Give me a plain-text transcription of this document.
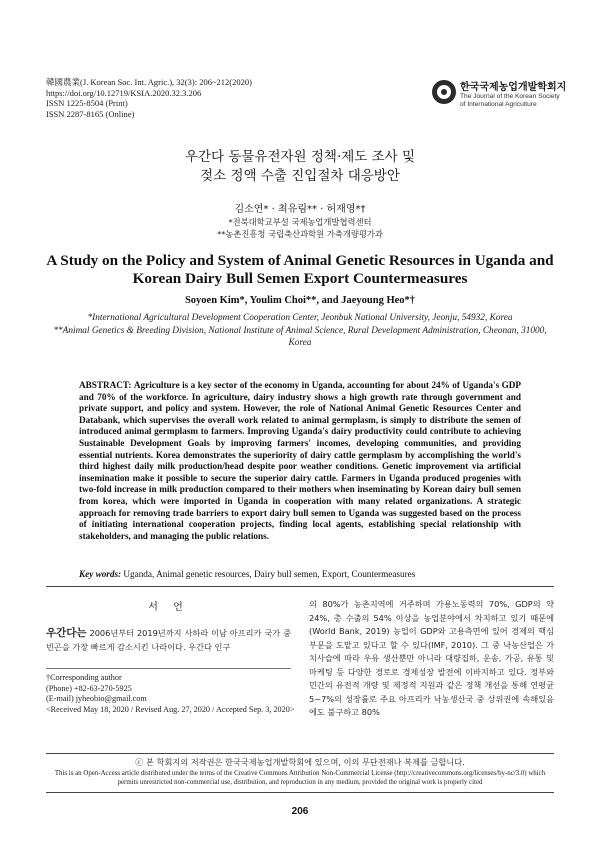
韓國農業(J. Korean Soc. Int. Agric.), 32(3): 206~212(2020)
https://doi.org/10.12719/KSIA.2020.32.3.206
ISSN 1225-8504 (Print)
ISSN 2287-8165 (Online)
한국국제농업개발학회지
The Journal of the Korean Society
of International Agriculture
우간다 동물유전자원 정책·제도 조사 및
젖소 정액 수출 진입절차 대응방안
김소연* · 최유림** · 허재영*†
*전북대학교부설 국제농업개발협력센터
**농촌진흥청 국립축산과학원 가축개량평가과
A Study on the Policy and System of Animal Genetic Resources in Uganda and
Korean Dairy Bull Semen Export Countermeasures
Soyoen Kim*, Youlim Choi**, and Jaeyoung Heo*†
*International Agricultural Development Cooperation Center, Jeonbuk National University, Jeonju, 54932, Korea
**Animal Genetics & Breeding Division, National Institute of Animal Science, Rural Development Administration, Cheonan, 31000, Korea
ABSTRACT: Agriculture is a key sector of the economy in Uganda, accounting for about 24% of Uganda's GDP and 70% of the workforce. In agriculture, dairy industry shows a high growth rate through government and private support, and policy and system. However, the role of National Animal Genetic Resources Center and Databank, which supervises the overall work related to animal germplasm, is simply to distribute the semen of introduced animal germplasm to farmers. Improving Uganda's dairy productivity could contribute to achieving Sustainable Development Goals by improving farmers' incomes, developing communities, and providing essential nutrients. Korea demonstrates the superiority of dairy cattle germplasm by accomplishing the world's third highest daily milk production/head despite poor weather conditions. Genetic improvement via artificial insemination make it possible to secure the superior dairy cattle. Farmers in Uganda produced progenies with two-fold increase in milk production compared to their mothers when inseminating by Korean dairy bull semen from korea, which were imported in Uganda in cooperation with many related organizations. A strategic approach for removing trade barriers to export dairy bull semen to Uganda was suggested based on the process of initiating international cooperation projects, finding local agents, establishing special relationship with stakeholders, and managing the public relations.
Key words: Uganda, Animal genetic resources, Dairy bull semen, Export, Countermeasures
서 언
우간다는 2006년부터 2019년까지 사하라 이남 아프리카 국가 중 빈곤을 가장 빠르게 감소시킨 나라이다. 우간다 인구
†Corresponding author
(Phone) +82-63-270-5925
(E-mail) jyheobio@gmail.com
<Received May 18, 2020 / Revised Aug. 27, 2020 / Accepted Sep. 3, 2020>
의 80%가 농촌지역에 거주하며 가용노동력의 70%, GDP의 약 24%, 총 수출의 54% 이상을 농업분야에서 차지하고 있기 때문에(World Bank, 2019) 농업이 GDP와 고용측면에 있어 경제의 핵심부문을 도맡고 있다고 할 수 있다(IMF, 2010). 그 중 낙농산업은 가치사슬에 따라 우유 생산뿐만 아니라 대량집하, 운송, 가공, 유통 및 마케팅 등 다양한 경로로 경제성장 발전에 이바지하고 있다. 정부와 민간의 유전적 개량 및 제정적 지원과 같은 정책 개선을 통해 연평균 5~7%의 성장률로 주요 아프리카 낙농생산국 중 상위권에 속해있음에도 불구하고 80%
ⓒ 본 학회지의 저작권은 한국국제농업개발학회에 있으며, 이의 무단전재나 복제를 금합니다.
This is an Open-Access article distributed under the terms of the Creative Commons Attribution Non-Commercial License (http://creativecommons.org/licenses/by-nc/3.0) which permits unrestricted non-commercial use, distribution, and reproduction in any medium, provided the original work is properly cited
206
